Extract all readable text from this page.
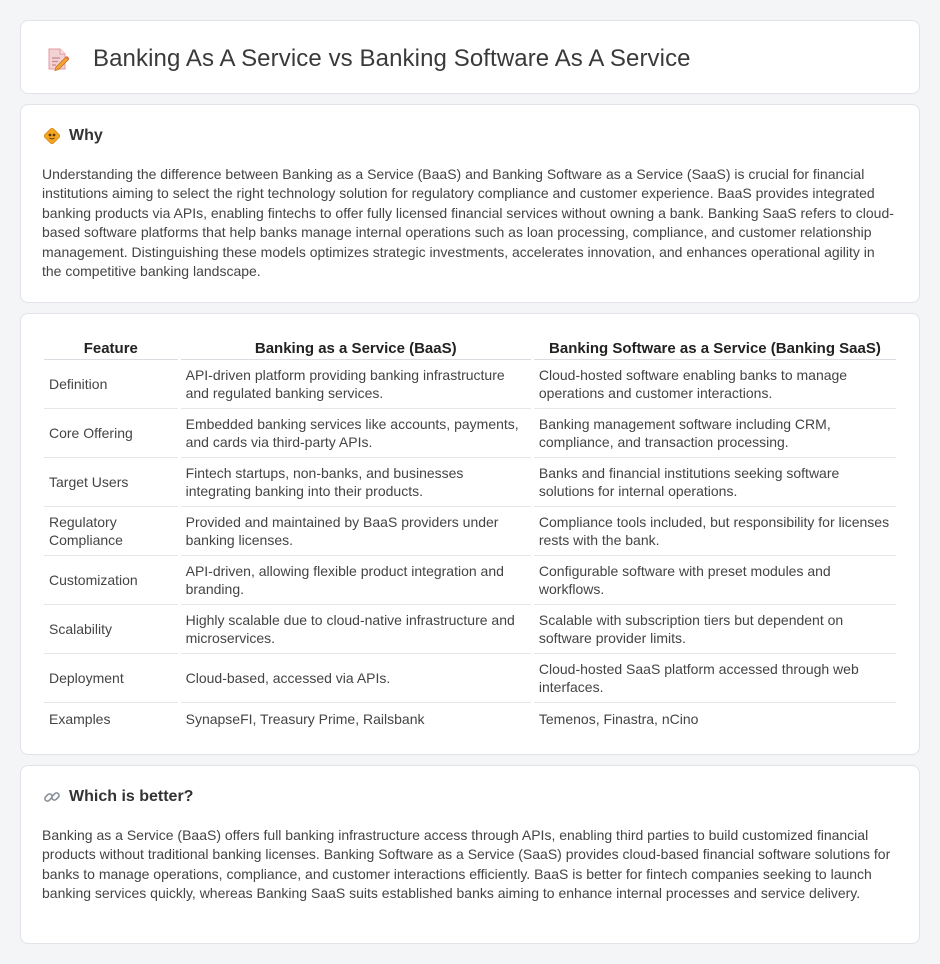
Banking As A Service vs Banking Software As A Service
Why

Understanding the difference between Banking as a Service (BaaS) and Banking Software as a Service (SaaS) is crucial for financial institutions aiming to select the right technology solution for regulatory compliance and customer experience. BaaS provides integrated banking products via APIs, enabling fintechs to offer fully licensed financial services without owning a bank. Banking SaaS refers to cloud-based software platforms that help banks manage internal operations such as loan processing, compliance, and customer relationship management. Distinguishing these models optimizes strategic investments, accelerates innovation, and enhances operational agility in the competitive banking landscape.

Feature	Banking as a Service (BaaS)	Banking Software as a Service (Banking SaaS)
Definition	API-driven platform providing banking infrastructure and regulated banking services.	Cloud-hosted software enabling banks to manage operations and customer interactions.
Core Offering	Embedded banking services like accounts, payments, and cards via third-party APIs.	Banking management software including CRM, compliance, and transaction processing.
Target Users	Fintech startups, non-banks, and businesses integrating banking into their products.	Banks and financial institutions seeking software solutions for internal operations.
Regulatory Compliance	Provided and maintained by BaaS providers under banking licenses.	Compliance tools included, but responsibility for licenses rests with the bank.
Customization	API-driven, allowing flexible product integration and branding.	Configurable software with preset modules and workflows.
Scalability	Highly scalable due to cloud-native infrastructure and microservices.	Scalable with subscription tiers but dependent on software provider limits.
Deployment	Cloud-based, accessed via APIs.	Cloud-hosted SaaS platform accessed through web interfaces.
Examples	SynapseFI, Treasury Prime, Railsbank	Temenos, Finastra, nCino
Which is better?

Banking as a Service (BaaS) offers full banking infrastructure access through APIs, enabling third parties to build customized financial products without traditional banking licenses. Banking Software as a Service (SaaS) provides cloud-based financial software solutions for banks to manage operations, compliance, and customer interactions efficiently. BaaS is better for fintech companies seeking to launch banking services quickly, whereas Banking SaaS suits established banks aiming to enhance internal processes and service delivery.
